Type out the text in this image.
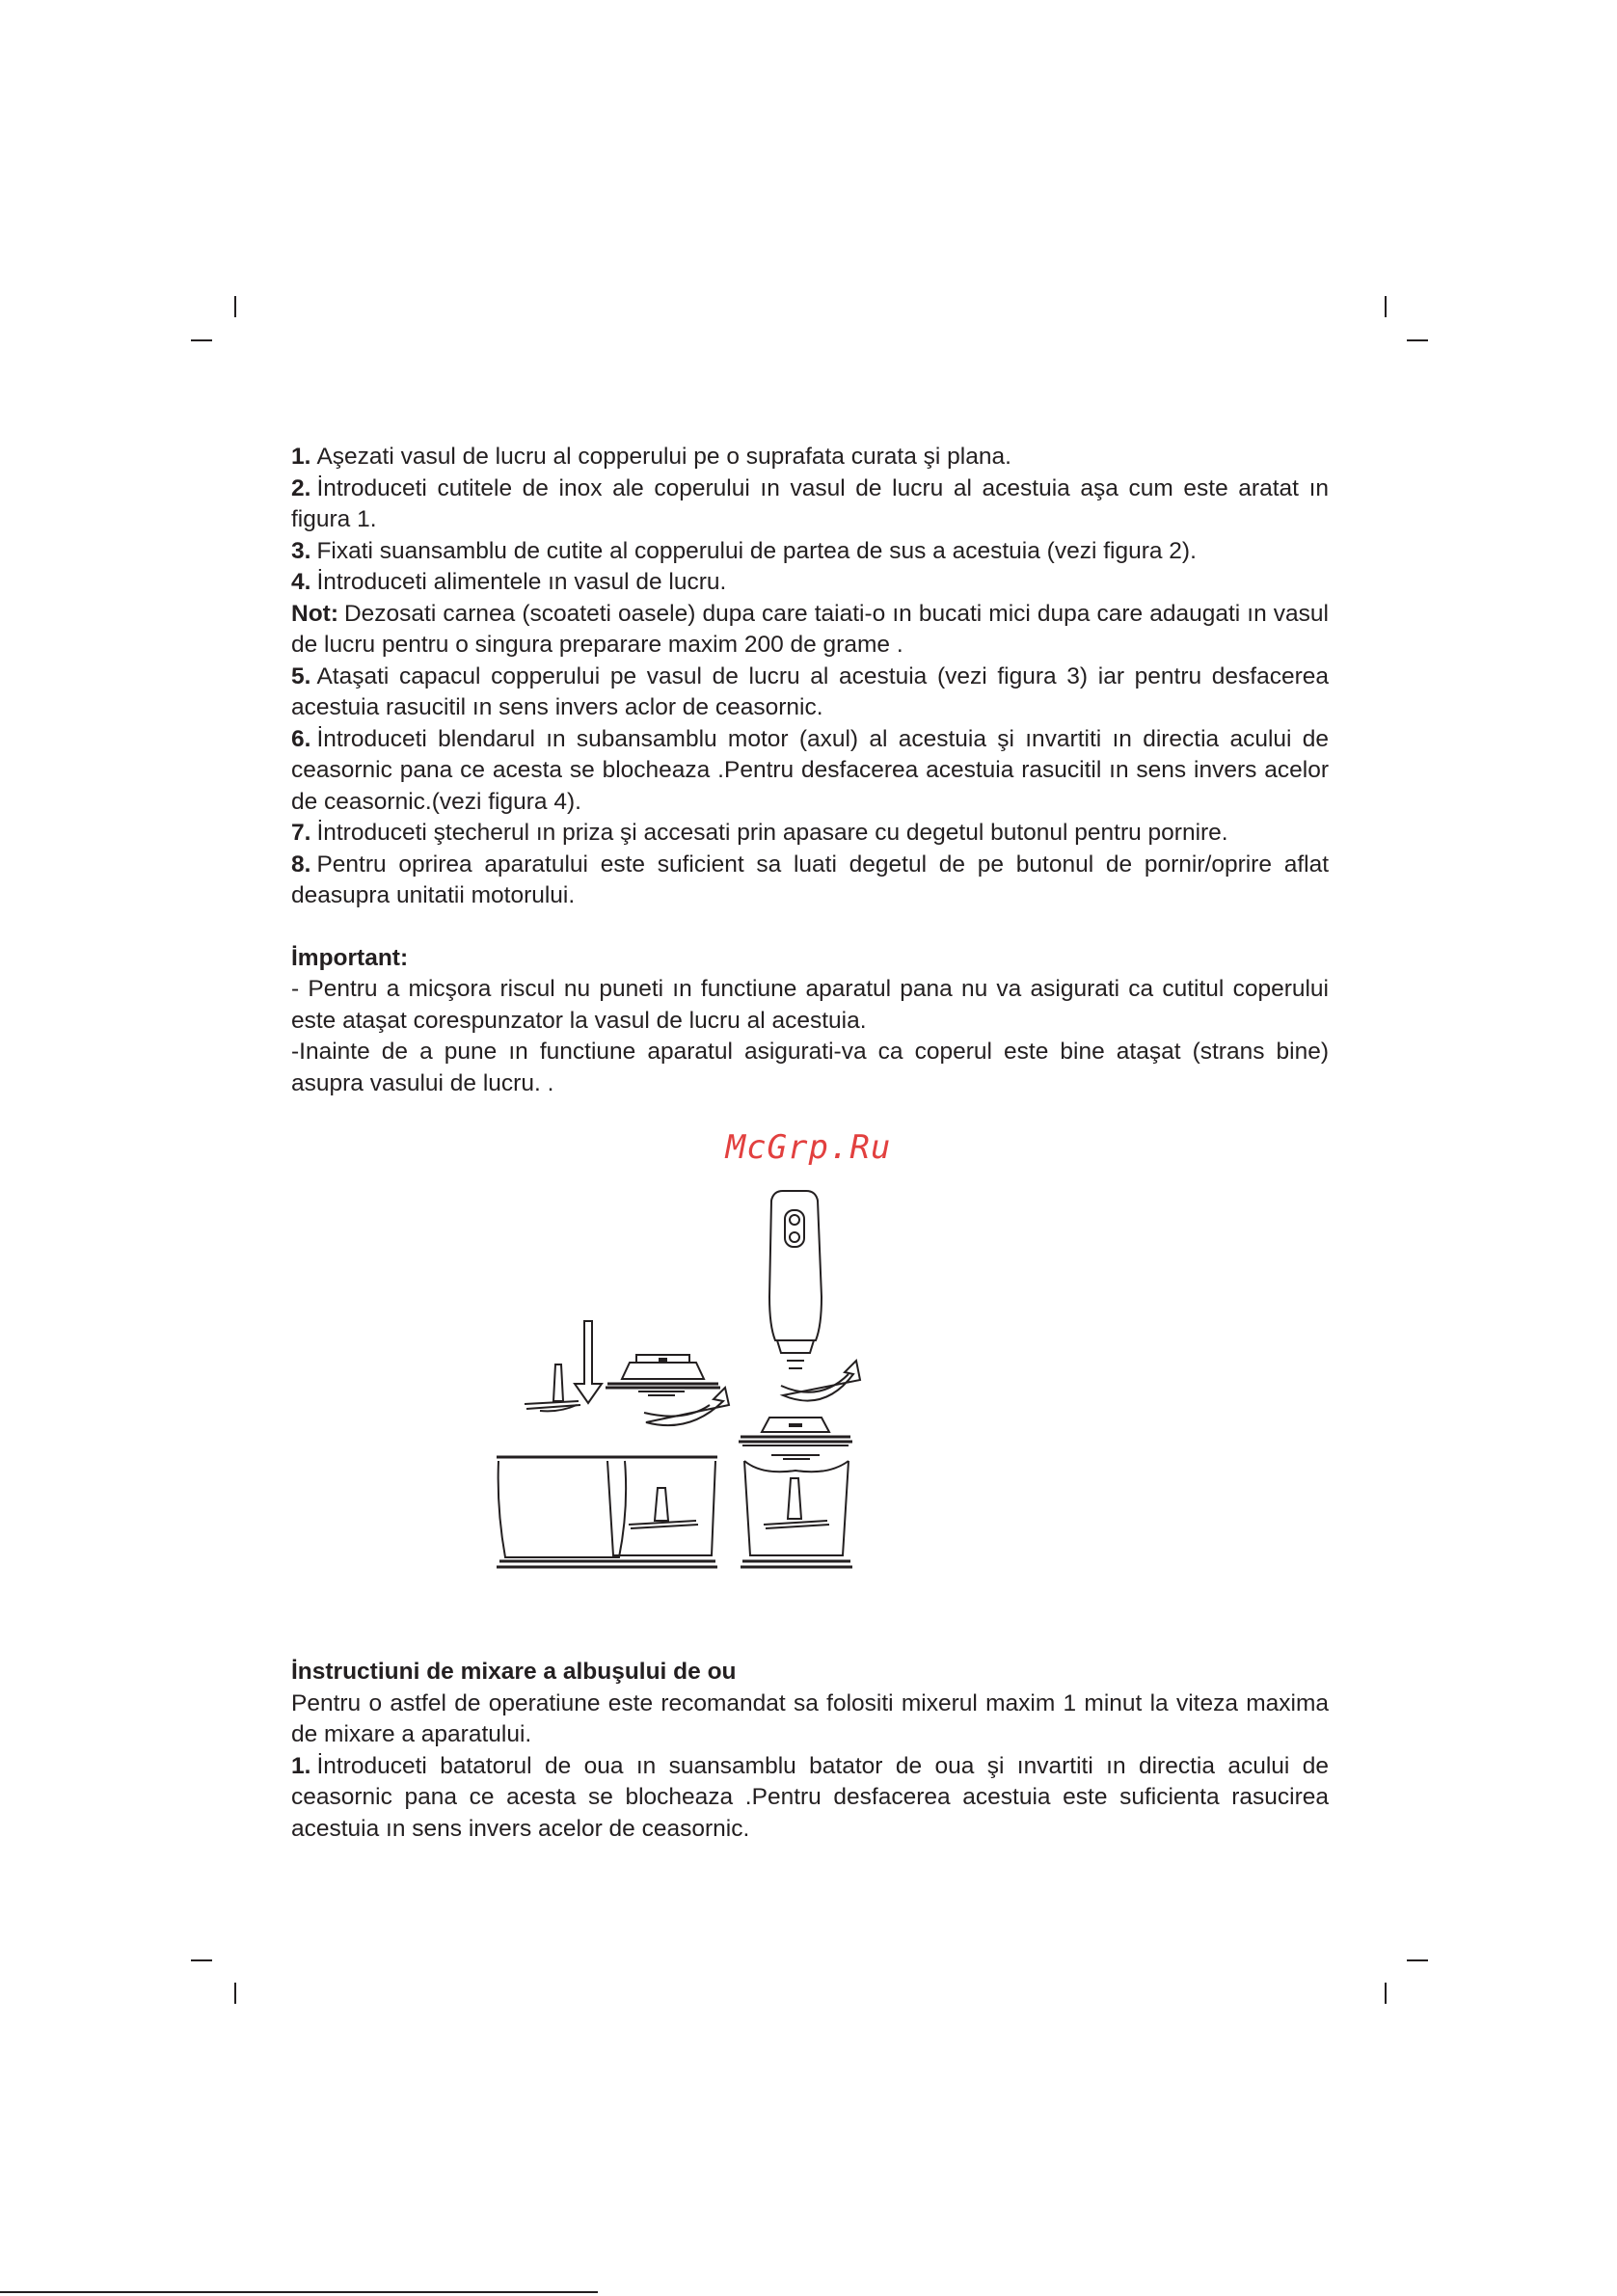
1. Aşezati vasul de lucru al copperului pe o suprafata curata şi plana.

2. İntroduceti cutitele de inox ale coperului ın vasul de lucru al acestuia aşa cum este aratat ın figura 1.

3. Fixati suansamblu de cutite al copperului de partea de sus a acestuia (vezi figura 2).

4. İntroduceti alimentele ın vasul de lucru.

Not: Dezosati carnea (scoateti oasele) dupa care taiati-o ın bucati mici dupa care adaugati ın vasul de lucru pentru o singura preparare maxim 200 de grame .

5. Ataşati capacul copperului pe vasul de lucru al acestuia (vezi figura 3) iar pentru desfacerea acestuia rasucitil ın sens invers aclor de ceasornic.

6. İntroduceti blendarul ın subansamblu motor (axul) al acestuia şi ınvartiti ın directia acului de ceasornic pana ce acesta se blocheaza .Pentru desfacerea acestuia rasucitil ın sens invers acelor de ceasornic.(vezi figura 4).

7. İntroduceti ştecherul ın priza şi accesati prin apasare cu degetul butonul pentru pornire.

8. Pentru oprirea aparatului este suficient sa luati degetul de pe butonul de pornir/oprire aflat deasupra unitatii motorului.

İmportant:

- Pentru a micşora riscul nu puneti ın functiune aparatul pana nu va asigurati ca cutitul coperului este ataşat corespunzator la vasul de lucru al acestuia.

-Inainte de a pune ın functiune aparatul asigurati-va ca coperul este bine ataşat (strans bine) asupra vasului de lucru. .

McGrp.Ru

İnstructiuni de mixare a albuşului de ou

Pentru o astfel de operatiune este recomandat sa folositi mixerul maxim 1 minut la viteza maxima de mixare a aparatului.

1. İntroduceti batatorul de oua ın suansamblu batator de oua şi ınvartiti ın directia acului de ceasornic pana ce acesta se blocheaza .Pentru desfacerea acestuia este suficienta rasucirea acestuia ın sens invers acelor de ceasornic.
